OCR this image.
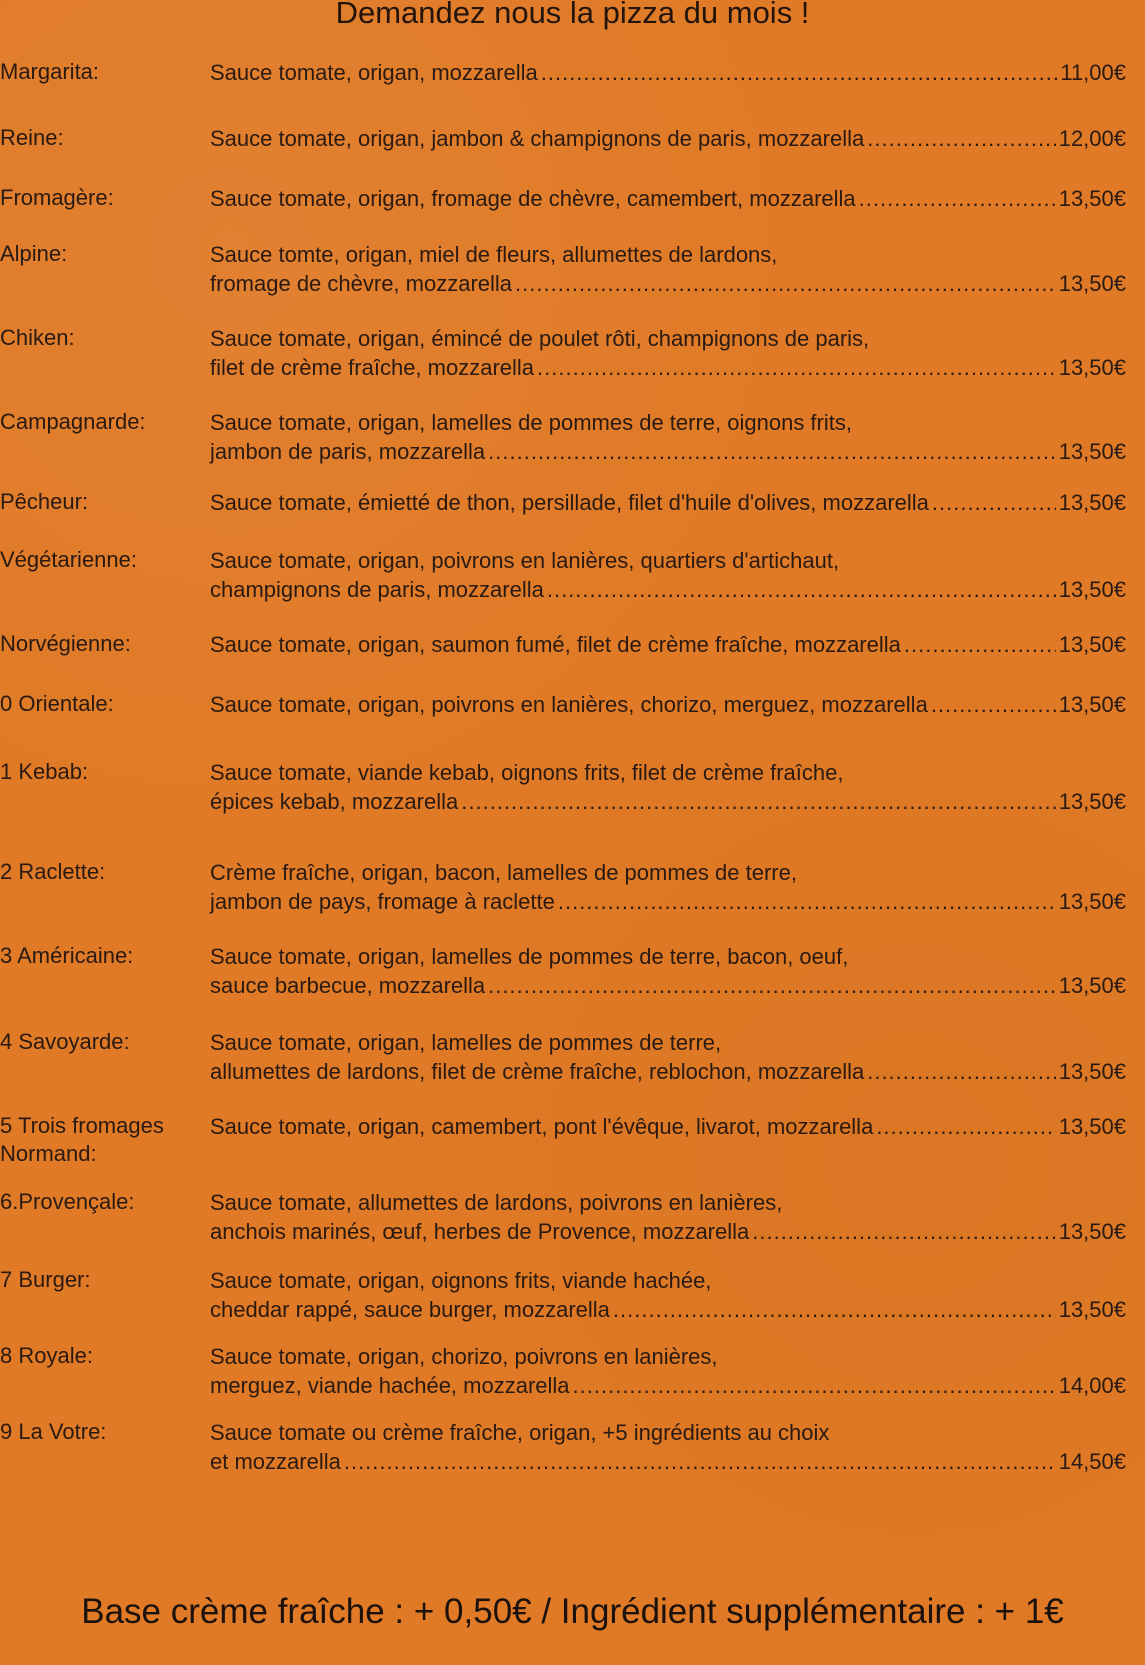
Demandez nous la pizza du mois !
Margarita:	Sauce tomate, origan, mozzarella .....	11,00€
Reine:	Sauce tomate, origan, jambon & champignons de paris, mozzarella .....	12,00€
Fromagère:	Sauce tomate, origan, fromage de chèvre, camembert, mozzarella .....	13,50€
Alpine:	Sauce tomte, origan, miel de fleurs, allumettes de lardons,
fromage de chèvre, mozzarella .....	13,50€
Chiken:	Sauce tomate, origan, émincé de poulet rôti, champignons de paris,
filet de crème fraîche, mozzarella .....	13,50€
Campagnarde:	Sauce tomate, origan, lamelles de pommes de terre, oignons frits,
jambon de paris, mozzarella .....	13,50€
Pêcheur:	Sauce tomate, émietté de thon, persillade, filet d'huile d'olives, mozzarella .....	13,50€
Végétarienne:	Sauce tomate, origan, poivrons en lanières, quartiers d'artichaut,
champignons de paris, mozzarella .....	13,50€
Norvégienne:	Sauce tomate, origan, saumon fumé, filet de crème fraîche, mozzarella .....	13,50€
0 Orientale:	Sauce tomate, origan, poivrons en lanières, chorizo, merguez, mozzarella .....	13,50€
1 Kebab:	Sauce tomate, viande kebab, oignons frits, filet de crème fraîche,
épices kebab, mozzarella .....	13,50€
2 Raclette:	Crème fraîche, origan, bacon, lamelles de pommes de terre,
jambon de pays, fromage à raclette .....	13,50€
3 Américaine:	Sauce tomate, origan, lamelles de pommes de terre, bacon, oeuf,
sauce barbecue, mozzarella .....	13,50€
4 Savoyarde:	Sauce tomate, origan, lamelles de pommes de terre,
allumettes de lardons, filet de crème fraîche, reblochon, mozzarella .....	13,50€
5 Trois fromages
Normand:
Sauce tomate, origan, camembert, pont l'évêque, livarot, mozzarella .....	13,50€
6.Provençale:	Sauce tomate, allumettes de lardons, poivrons en lanières,
anchois marinés, œuf, herbes de Provence, mozzarella .....	13,50€
7 Burger:	Sauce tomate, origan, oignons frits, viande hachée,
cheddar rappé, sauce burger, mozzarella .....	13,50€
8 Royale:	Sauce tomate, origan, chorizo, poivrons en lanières,
merguez, viande hachée, mozzarella .....	14,00€
9 La Votre:	Sauce tomate ou crème fraîche, origan, +5 ingrédients au choix
et mozzarella .....	14,50€
Base crème fraîche : + 0,50€ / Ingrédient supplémentaire : + 1€
